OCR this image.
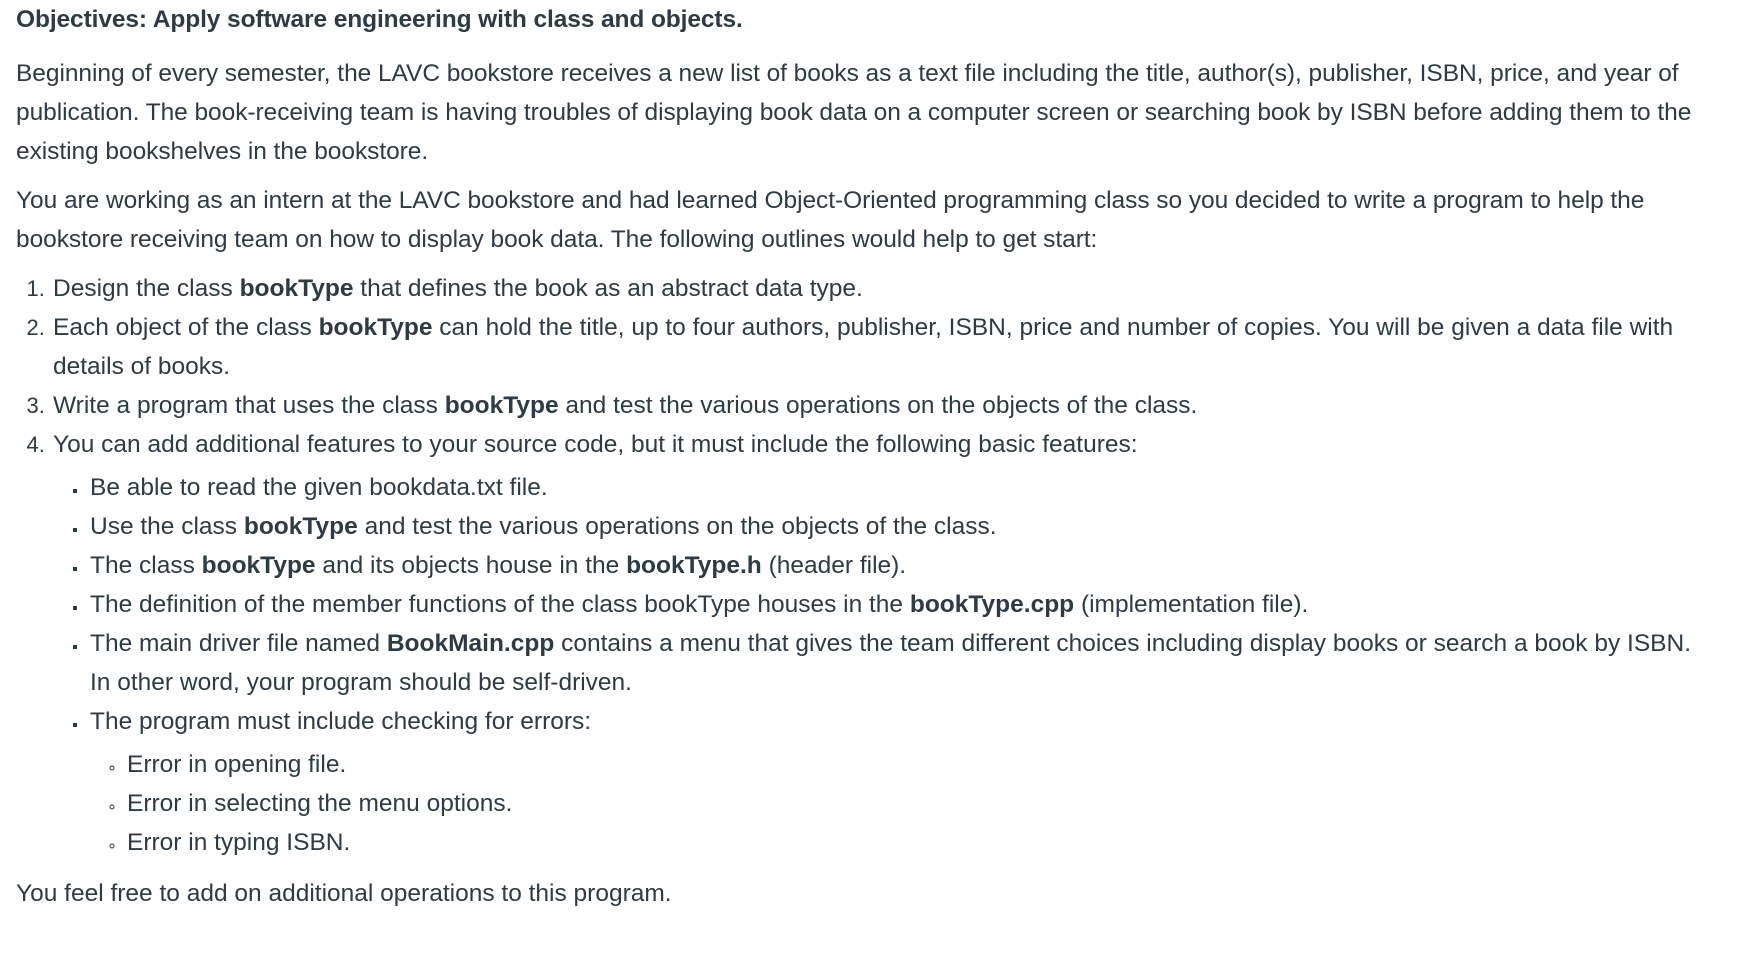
Objectives: Apply software engineering with class and objects.

Beginning of every semester, the LAVC bookstore receives a new list of books as a text file including the title, author(s), publisher, ISBN, price, and year of publication. The book-receiving team is having troubles of displaying book data on a computer screen or searching book by ISBN before adding them to the existing bookshelves in the bookstore.

You are working as an intern at the LAVC bookstore and had learned Object-Oriented programming class so you decided to write a program to help the bookstore receiving team on how to display book data. The following outlines would help to get start:

1. Design the class bookType that defines the book as an abstract data type.
2. Each object of the class bookType can hold the title, up to four authors, publisher, ISBN, price and number of copies. You will be given a data file with details of books.
3. Write a program that uses the class bookType and test the various operations on the objects of the class.
4. You can add additional features to your source code, but it must include the following basic features:
▪ Be able to read the given bookdata.txt file.
▪ Use the class bookType and test the various operations on the objects of the class.
▪ The class bookType and its objects house in the bookType.h (header file).
▪ The definition of the member functions of the class bookType houses in the bookType.cpp (implementation file).
▪ The main driver file named BookMain.cpp contains a menu that gives the team different choices including display books or search a book by ISBN. In other word, your program should be self-driven.
▪ The program must include checking for errors:
◦ Error in opening file.
◦ Error in selecting the menu options.
◦ Error in typing ISBN.

You feel free to add on additional operations to this program.
